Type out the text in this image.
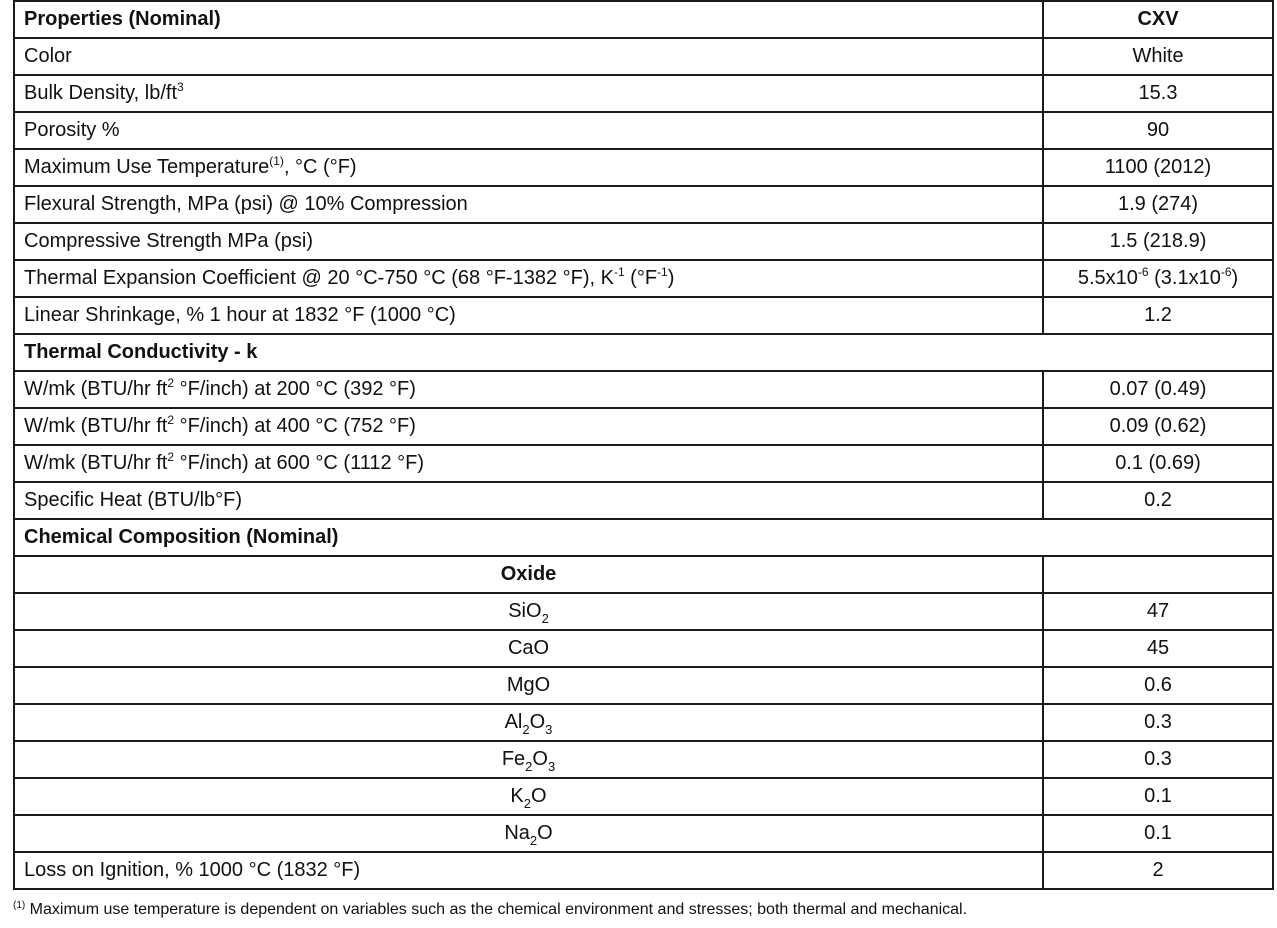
Properties (Nominal)	CXV
Color	White
Bulk Density, $lb/ft^3$	15.3
Porosity %	90
Maximum Use Temperature$^{(1)}$, °C (°F)	1100 (2012)
Flexural Strength, MPa (psi) @ 10% Compression	1.9 (274)
Compressive Strength MPa (psi)	1.5 (218.9)
Thermal Expansion Coefficient @ 20 °C-750 °C (68 °F-1382 °F), $K^{-1}$ $(^\circ F^{-1})$	$5.5x10^{-6}$ $(3.1x10^{-6})$
Linear Shrinkage, % 1 hour at 1832 °F (1000 °C)	1.2
Thermal Conductivity - k	
W/mk (BTU/hr $ft^2$ °F/inch) at 200 °C (392 °F)	0.07 (0.49)
W/mk (BTU/hr $ft^2$ °F/inch) at 400 °C (752 °F)	0.09 (0.62)
W/mk (BTU/hr $ft^2$ °F/inch) at 600 °C (1112 °F)	0.1 (0.69)
Specific Heat (BTU/lb°F)	0.2
Chemical Composition (Nominal)	
Oxide	
SiO$_2$	47
CaO	45
MgO	0.6
$Al_2O_3$	0.3
$Fe_2O_3$	0.3
$K_2O$	0.1
$Na_2O$	0.1
Loss on Ignition, % 1000 °C (1832 °F)	2
$^{(1)}$ Maximum use temperature is dependent on variables such as the chemical environment and stresses; both thermal and mechanical.
